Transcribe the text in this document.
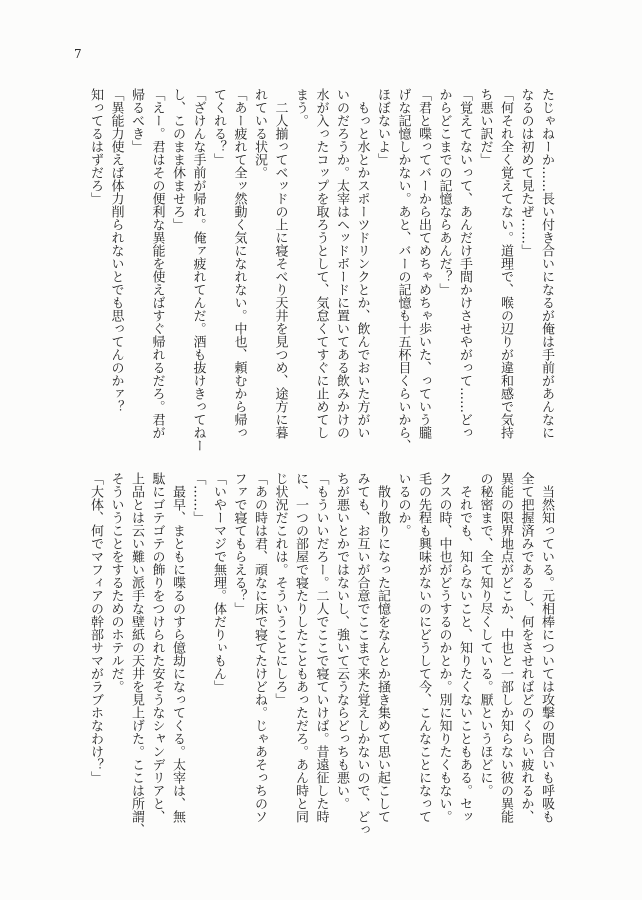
7

たじゃねーか……長い付き合いになるが俺は手前があんなに

なるのは初めて見たぜ……」

「何それ全く覚えてない。道理で、喉の辺りが違和感で気持

ち悪い訳だ」

「覚えてないって、あんだけ手間かけさせやがって……どっ

からどこまでの記憶ならあんだ？」

「君と喋ってバーから出てめちゃめちゃ歩いた、っていう朧

げな記憶しかない。あと、バーの記憶も十五杯目くらいから、

ほぼないよ」

　もっと水とかスポーツドリンクとか、飲んでおいた方がい

いのだろうか。太宰はヘッドボードに置いてある飲みかけの

水が入ったコップを取ろうとして、気怠くてすぐに止めてし

まう。

　二人揃ってベッドの上に寝そべり天井を見つめ、途方に暮

れている状況。

「あー疲れて全ッ然動く気になれない。中也、頼むから帰っ

てくれる？」

「ざけんな手前が帰れ。俺ァ疲れてんだ。酒も抜けきってねー

し、このまま休ませろ」

「えー。君はその便利な異能を使えばすぐ帰れるだろ。君が

帰るべき」

「異能力使えば体力削られないとでも思ってんのかァ？

知ってるはずだろ」

　当然知っている。元相棒については攻撃の間合いも呼吸も

全て把握済みであるし、何をさせればどのくらい疲れるか、

異能の限界地点がどこか、中也と一部しか知らない彼の異能

の秘密まで、全て知り尽くしている。厭というほどに。

　それでも、知らないこと、知りたくないこともある。セッ

クスの時、中也がどうするのかとか。別に知りたくもない。

毛の先程も興味がないのにどうして今、こんなことになって

いるのか。

　散り散りになった記憶をなんとか掻き集めて思い起こして

みても、お互いが合意でここまで来た覚えしかないので、どっ

ちが悪いとかではないし、強いて云うならどっちも悪い。

「もういいだろー。二人でここで寝ていけば。昔遠征した時

に、一つの部屋で寝たりしたこともあっただろ。あん時と同

じ状況だこれは。そういうことにしろ」

「あの時は君、頑なに床で寝てたけどね。じゃあそっちのソ

ファで寝てもらえる？」

「いやーマジで無理。体だりぃもん」

「……」

　最早、まともに喋るのすら億劫になってくる。太宰は、無

駄にゴテゴテの飾りをつけられた安そうなシャンデリアと、

上品とは云い難い派手な壁紙の天井を見上げた。ここは所謂、

そういうことをするためのホテルだ。

「大体、何でマフィアの幹部サマがラブホなわけ？」
